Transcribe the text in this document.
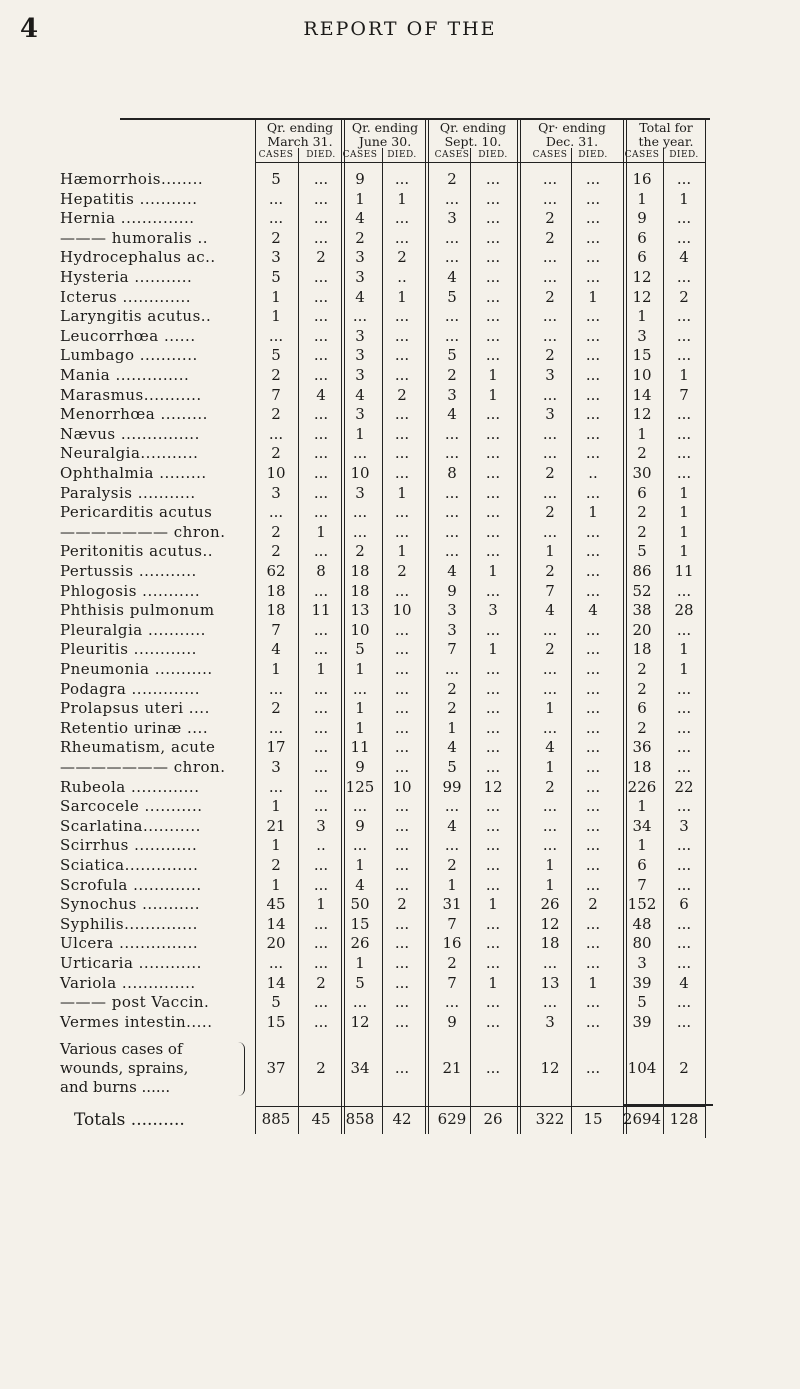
4	REPORT OF THE
Qr. ending
March 31.
CASES	DIED.
Qr. ending
June 30.
CASES	DIED.
Qr. ending
Sept. 10.
CASES DIED.
Qr· ending
Dec. 31.
CASES	DIED.
Total for
the year.
CASES	DIED.
Hæmorrhois........	5	...	9	...	2	...	...	...	16	...
Hepatitis ...........	...	...	1	1	...	...	...	...	1	1
Hernia ..............	...	...	4	...	3	...	2	...	9	...
——— humoralis ..	2	...	2	...	...	...	2	...	6	...
Hydrocephalus ac..	3	2	3	2	...	...	...	...	6	4
Hysteria ...........	5	...	3	..	4	...	...	...	12	...
Icterus .............	1	...	4	1	5	...	2	1	12	2
Laryngitis acutus..	1	...	...	...	...	...	...	...	1	...
Leucorrhœa ......	...	...	3	...	...	...	...	...	3	...
Lumbago ...........	5	...	3	...	5	...	2	...	15	...
Mania ..............	2	...	3	...	2	1	3	...	10	1
Marasmus...........	7	4	4	2	3	1	...	...	14	7
Menorrhœa .........	2	...	3	...	4	...	3	...	12	...
Nævus ...............	...	...	1	...	...	...	...	...	1	...
Neuralgia...........	2	...	...	...	...	...	...	...	2	...
Ophthalmia .........	10	...	10	...	8	...	2	..	30	...
Paralysis ...........	3	...	3	1	...	...	...	...	6	1
Pericarditis acutus	...	...	...	...	...	...	2	1	2	1
——————— chron.	2	1	...	...	...	...	...	...	2	1
Peritonitis acutus..	2	...	2	1	...	...	1	...	5	1
Pertussis ...........	62	8	18	2	4	1	2	...	86	11
Phlogosis ...........	18	...	18	...	9	...	7	...	52	...
Phthisis pulmonum	18	11	13	10	3	3	4	4	38	28
Pleuralgia ...........	7	...	10	...	3	...	...	...	20	...
Pleuritis ............	4	...	5	...	7	1	2	...	18	1
Pneumonia ...........	1	1	1	...	...	...	...	...	2	1
Podagra .............	...	...	...	...	2	...	...	...	2	...
Prolapsus uteri ....	2	...	1	...	2	...	1	...	6	...
Retentio urinæ ....	...	...	1	...	1	...	...	...	2	...
Rheumatism, acute	17	...	11	...	4	...	4	...	36	...
——————— chron.	3	...	9	...	5	...	1	...	18	...
Rubeola .............	...	...	125	10	99	12	2	...	226	22
Sarcocele ...........	1	...	...	...	...	...	...	...	1	...
Scarlatina...........	21	3	9	...	4	...	...	...	34	3
Scirrhus ............	1	..	...	...	...	...	...	...	1	...
Sciatica..............	2	...	1	...	2	...	1	...	6	...
Scrofula .............	1	...	4	...	1	...	1	...	7	...
Synochus ...........	45	1	50	2	31	1	26	2	152	6
Syphilis..............	14	...	15	...	7	...	12	...	48	...
Ulcera ...............	20	...	26	...	16	...	18	...	80	...
Urticaria ............	...	...	1	...	2	...	...	...	3	...
Variola ..............	14	2	5	...	7	1	13	1	39	4
——— post Vaccin.	5	...	...	...	...	...	...	...	5	...
Vermes intestin.....	15	...	12	...	9	...	3	...	39	...
Various cases of
wounds, sprains,
and burns ......
37	2	34	...	21	...	12	...	104	2
Totals ..........	885	45	858	42	629	26	322	15	2694 128
